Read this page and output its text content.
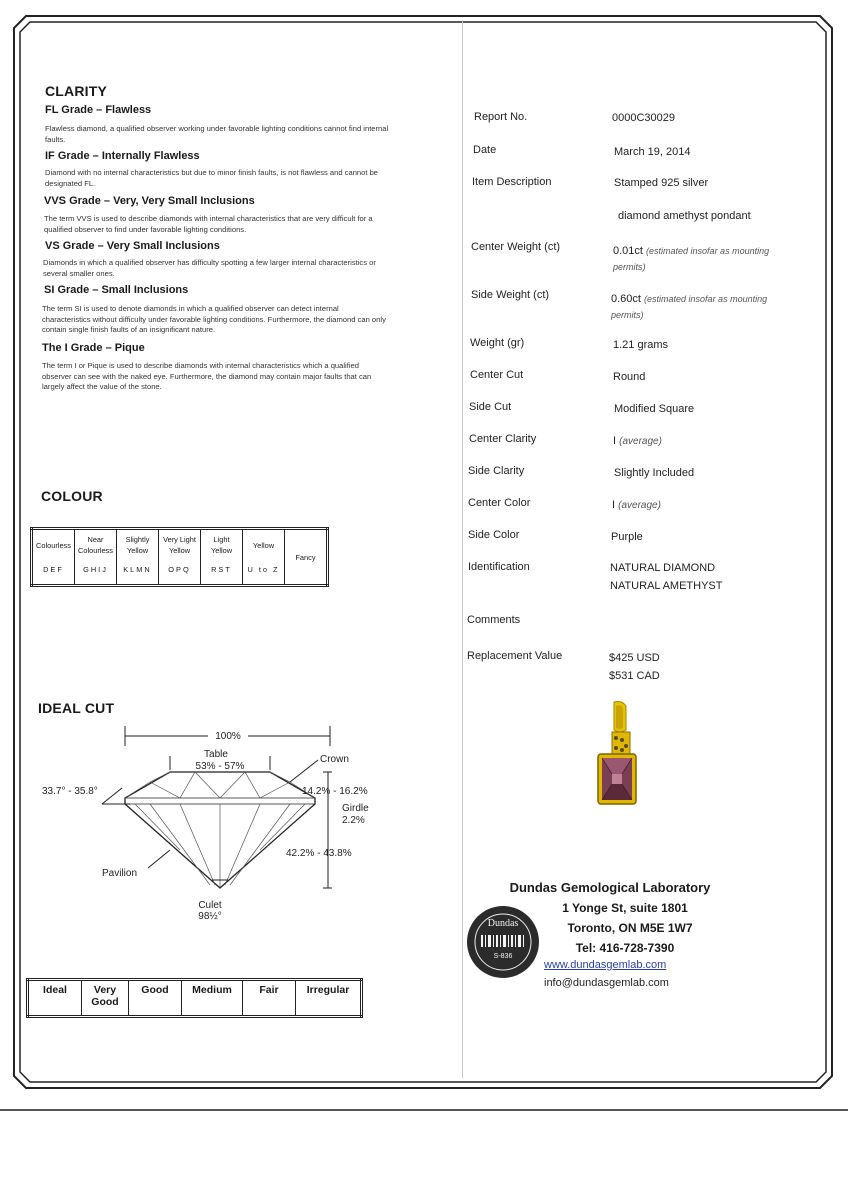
CLARITY
FL Grade – Flawless
Flawless diamond, a qualified observer working under favorable lighting conditions cannot find internal faults.
IF Grade – Internally Flawless
Diamond with no internal characteristics but due to minor finish faults, is not flawless and cannot be designated FL.
VVS Grade – Very, Very Small Inclusions
The term VVS is used to describe diamonds with internal characteristics that are very difficult for a qualified observer to find under favorable lighting conditions.
VS Grade – Very Small Inclusions
Diamonds in which a qualified observer has difficulty spotting a few larger internal characteristics or several smaller ones.
SI Grade – Small Inclusions
The term SI is used to denote diamonds in which a qualified observer can detect internal characteristics without difficulty under favorable lighting conditions. Furthermore, the diamond can only contain single finish faults of an insignificant nature.
The I Grade – Pique
The term I or Pique is used to describe diamonds with internal characteristics which a qualified observer can see with the naked eye. Furthermore, the diamond may contain major faults that can largely affect the value of the stone.
COLOUR
Colourless
DEF

Near Colourless
GHIJ

Slightly Yellow
KLMN

Very Light Yellow
OPQ

Light Yellow
RST

Yellow
U to Z

Fancy
IDEAL CUT
100%
Table
53% - 57%
Crown
33.7° - 35.8°	14.2% - 16.2%
Girdle
2.2%
42.2% - 43.8%
Pavilion
Culet
98½°
Ideal	Very Good	Good	Medium	Fair	Irregular
Report No.	0000C30029
Date	March 19, 2014
Item Description	Stamped 925 silver
diamond amethyst pondant
Center Weight (ct)	0.01ct (estimated insofar as mounting permits)
Side Weight (ct)	0.60ct (estimated insofar as mounting permits)
Weight (gr)	1.21 grams
Center Cut	Round
Side Cut	Modified Square
Center Clarity	I (average)
Side Clarity	Slightly Included
Center Color	I (average)
Side Color	Purple
Identification	NATURAL DIAMOND
NATURAL AMETHYST
Comments
Replacement Value	$425 USD
$531 CAD
Dundas Gemological Laboratory
1 Yonge St, suite 1801
Toronto, ON M5E 1W7
Tel: 416-728-7390
www.dundasgemlab.com
info@dundasgemlab.com
Dundas
S-836
